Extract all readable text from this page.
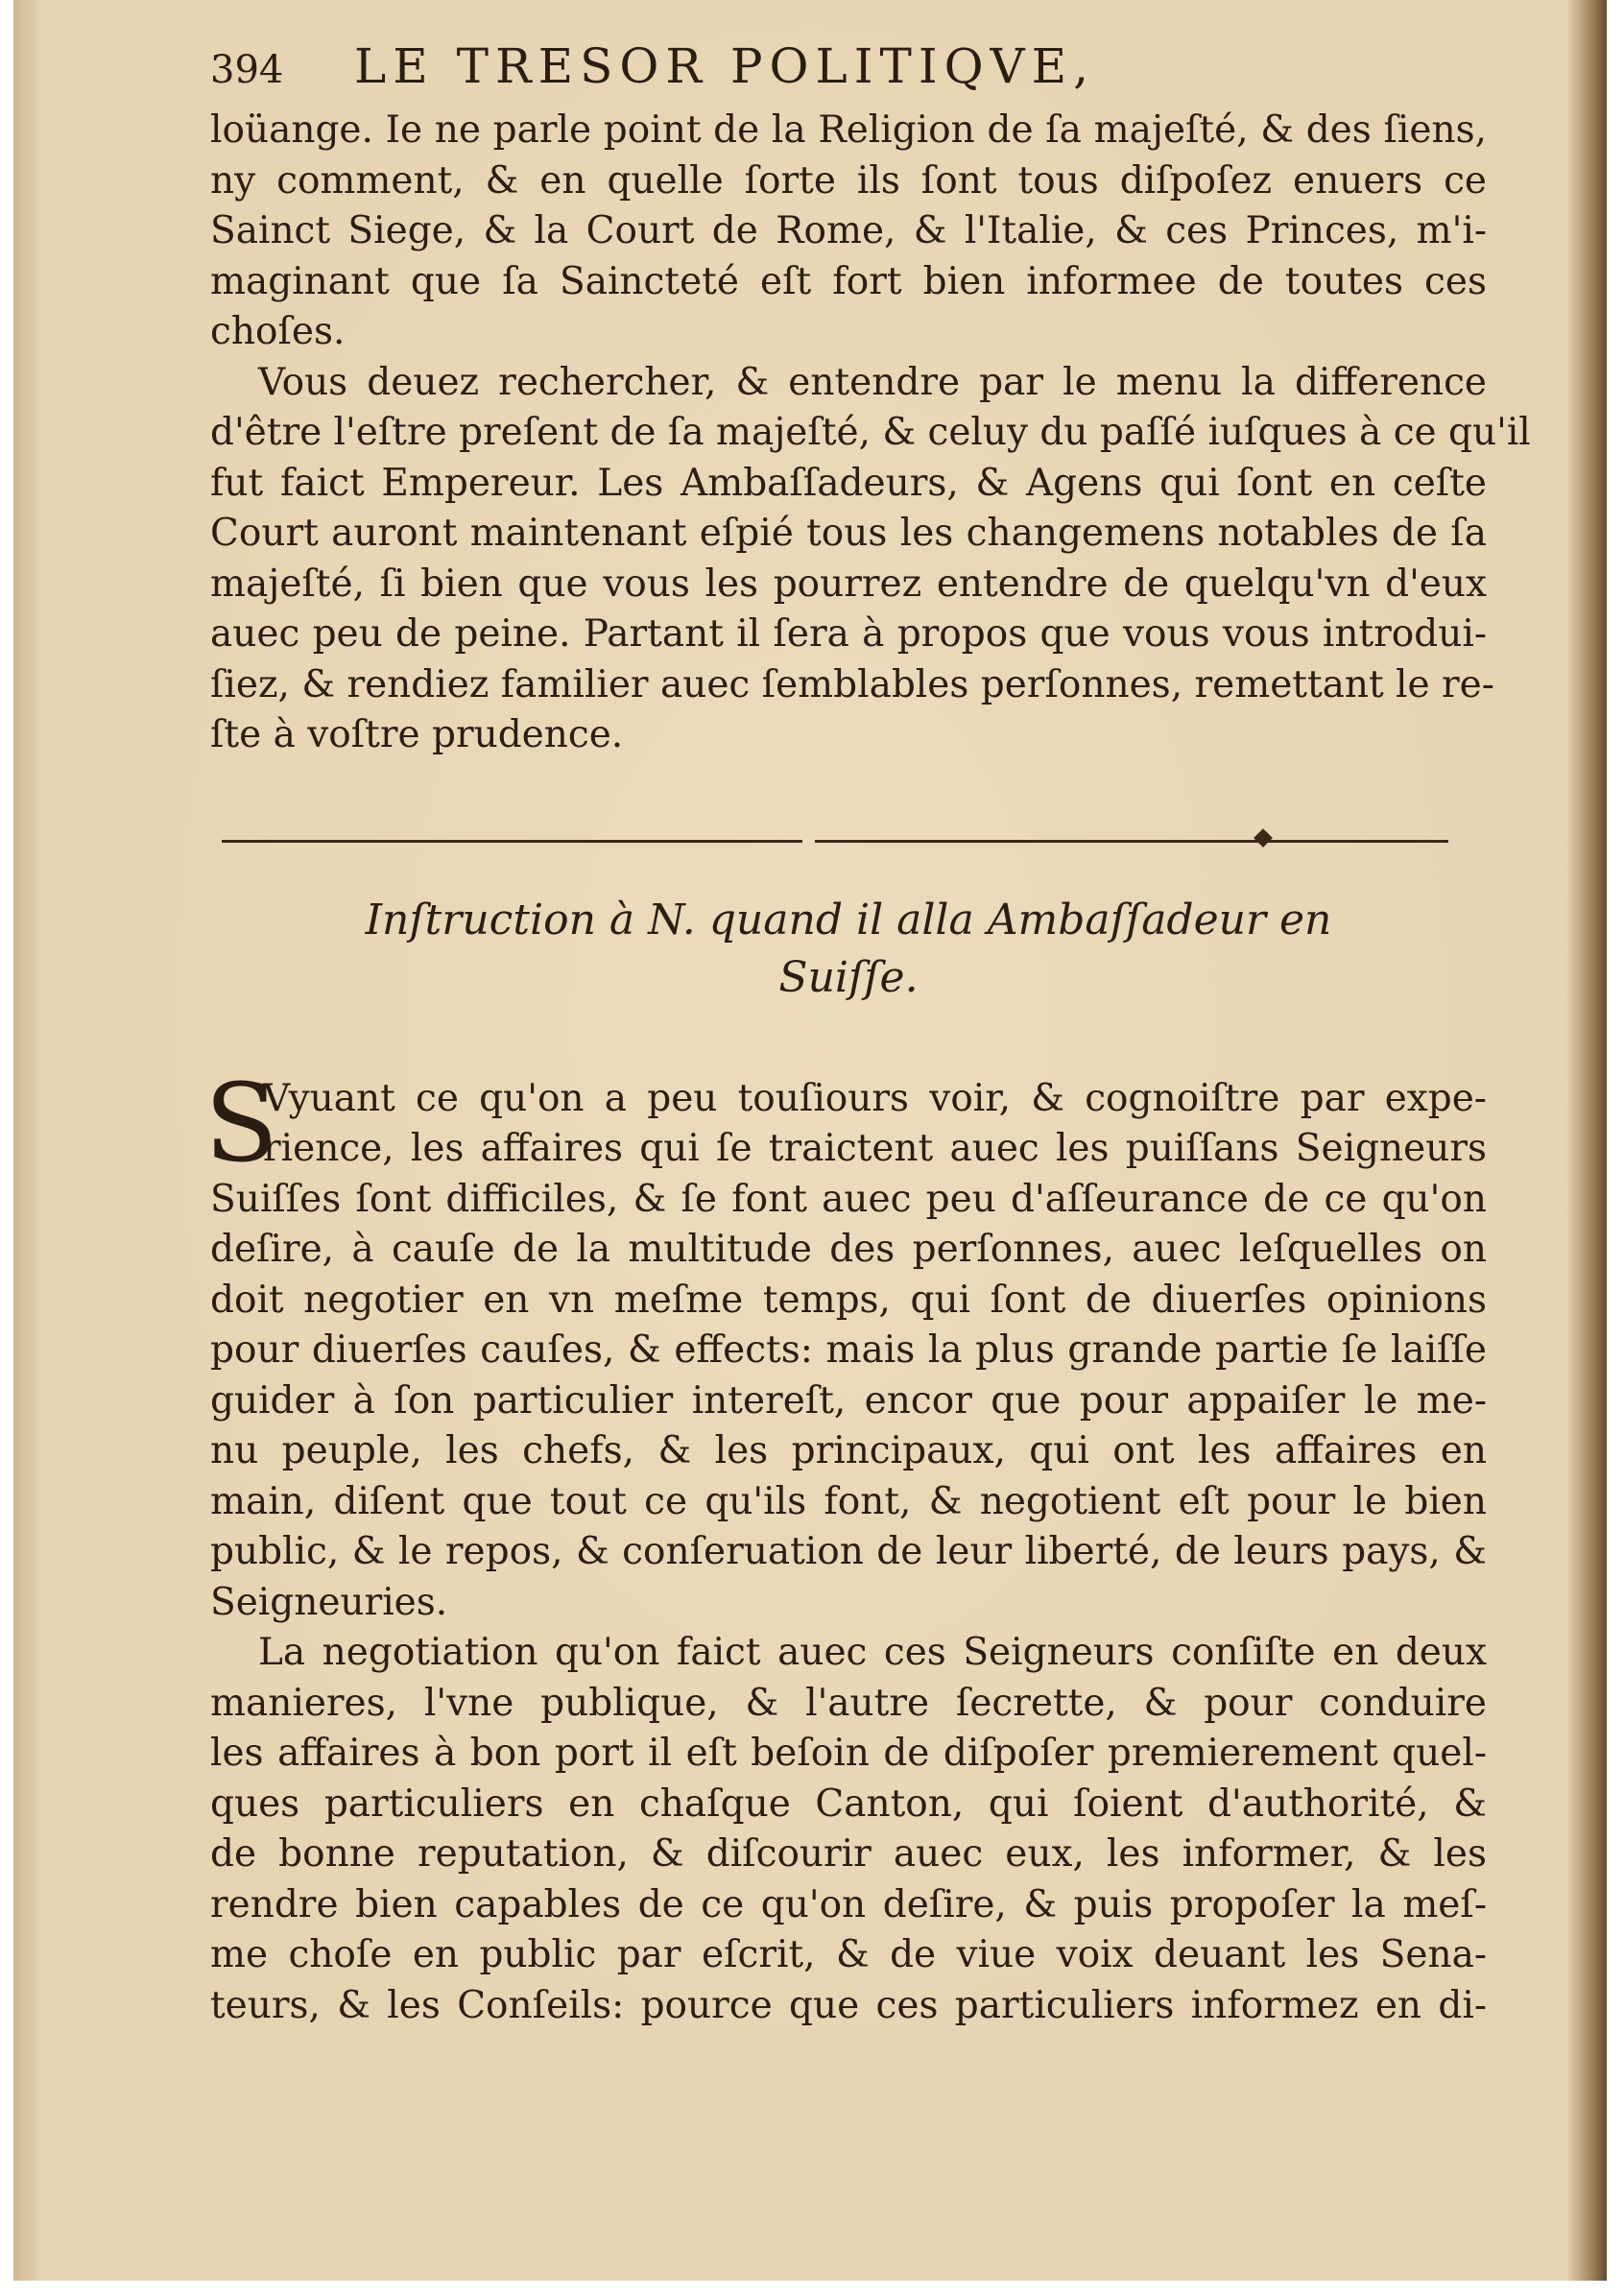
394	LE TRESOR POLITIQVE,
loüange. Ie ne parle point de la Religion de ſa majeſté, & des ſiens,
ny comment, & en quelle ſorte ils ſont tous diſpoſez enuers ce
Sainct Siege, & la Court de Rome, & l'Italie, & ces Princes, m'i-
maginant que ſa Saincteté eſt fort bien informee de toutes ces
choſes.
Vous deuez rechercher, & entendre par le menu la difference
d'être l'eſtre preſent de ſa majeſté, & celuy du paſſé iuſques à ce qu'il
fut faict Empereur. Les Ambaſſadeurs, & Agens qui ſont en ceſte
Court auront maintenant eſpié tous les changemens notables de ſa
majeſté, ſi bien que vous les pourrez entendre de quelqu'vn d'eux
auec peu de peine. Partant il ſera à propos que vous vous introdui-
ſiez, & rendiez familier auec ſemblables perſonnes, remettant le re-
ſte à voſtre prudence.
Inſtruction à N. quand il alla Ambaſſadeur en
Suiſſe.
S
Vyuant ce qu'on a peu touſiours voir, & cognoiſtre par expe-
rience, les affaires qui ſe traictent auec les puiſſans Seigneurs
Suiſſes ſont difficiles, & ſe font auec peu d'aſſeurance de ce qu'on
deſire, à cauſe de la multitude des perſonnes, auec leſquelles on
doit negotier en vn meſme temps, qui ſont de diuerſes opinions
pour diuerſes cauſes, & effects: mais la plus grande partie ſe laiſſe
guider à ſon particulier intereſt, encor que pour appaiſer le me-
nu peuple, les chefs, & les principaux, qui ont les affaires en
main, diſent que tout ce qu'ils font, & negotient eſt pour le bien
public, & le repos, & conſeruation de leur liberté, de leurs pays, &
Seigneuries.
La negotiation qu'on faict auec ces Seigneurs conſiſte en deux
manieres, l'vne publique, & l'autre ſecrette, & pour conduire
les affaires à bon port il eſt beſoin de diſpoſer premierement quel-
ques particuliers en chaſque Canton, qui ſoient d'authorité, &
de bonne reputation, & diſcourir auec eux, les informer, & les
rendre bien capables de ce qu'on deſire, & puis propoſer la meſ-
me choſe en public par eſcrit, & de viue voix deuant les Sena-
teurs, & les Conſeils: pource que ces particuliers informez en di-
